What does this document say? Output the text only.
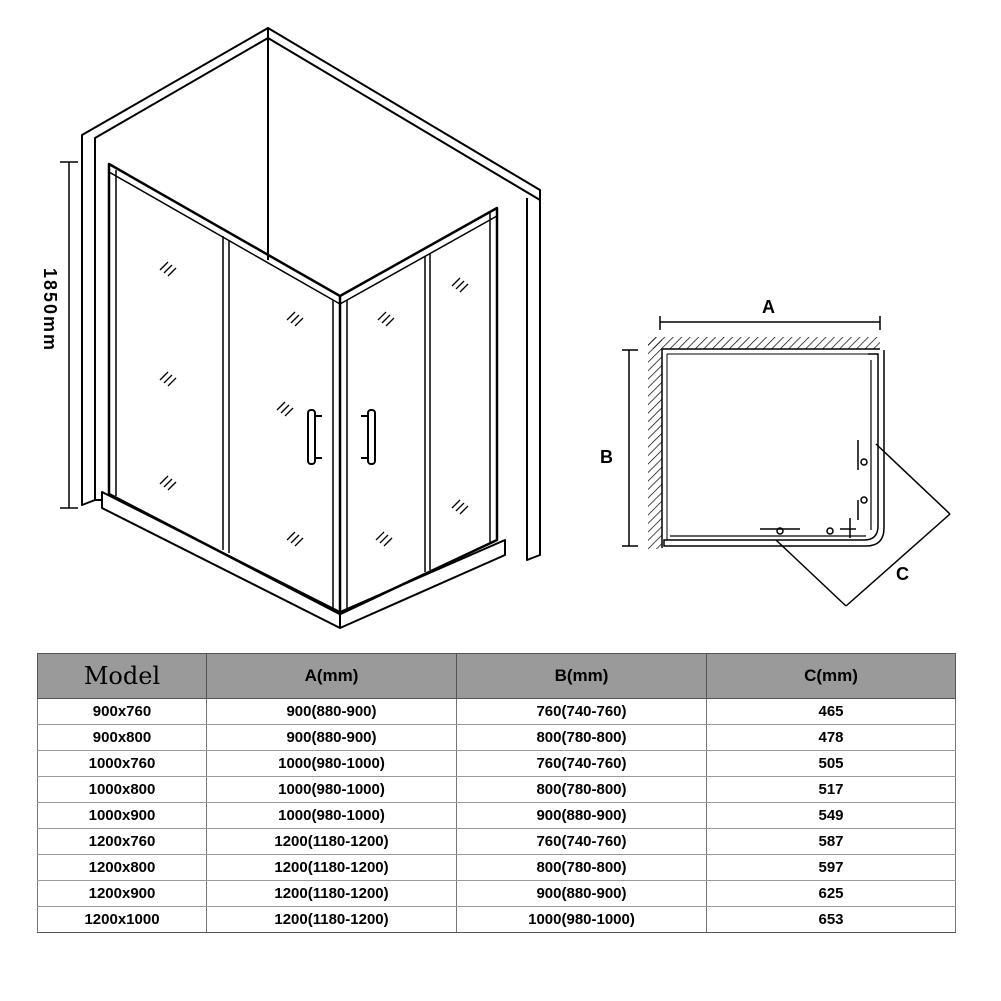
1850mm	A
B
C
Model	A(mm)	B(mm)	C(mm)
900x760	900(880-900)	760(740-760)	465
900x800	900(880-900)	800(780-800)	478
1000x760	1000(980-1000)	760(740-760)	505
1000x800	1000(980-1000)	800(780-800)	517
1000x900	1000(980-1000)	900(880-900)	549
1200x760	1200(1180-1200)	760(740-760)	587
1200x800	1200(1180-1200)	800(780-800)	597
1200x900	1200(1180-1200)	900(880-900)	625
1200x1000	1200(1180-1200)	1000(980-1000)	653
